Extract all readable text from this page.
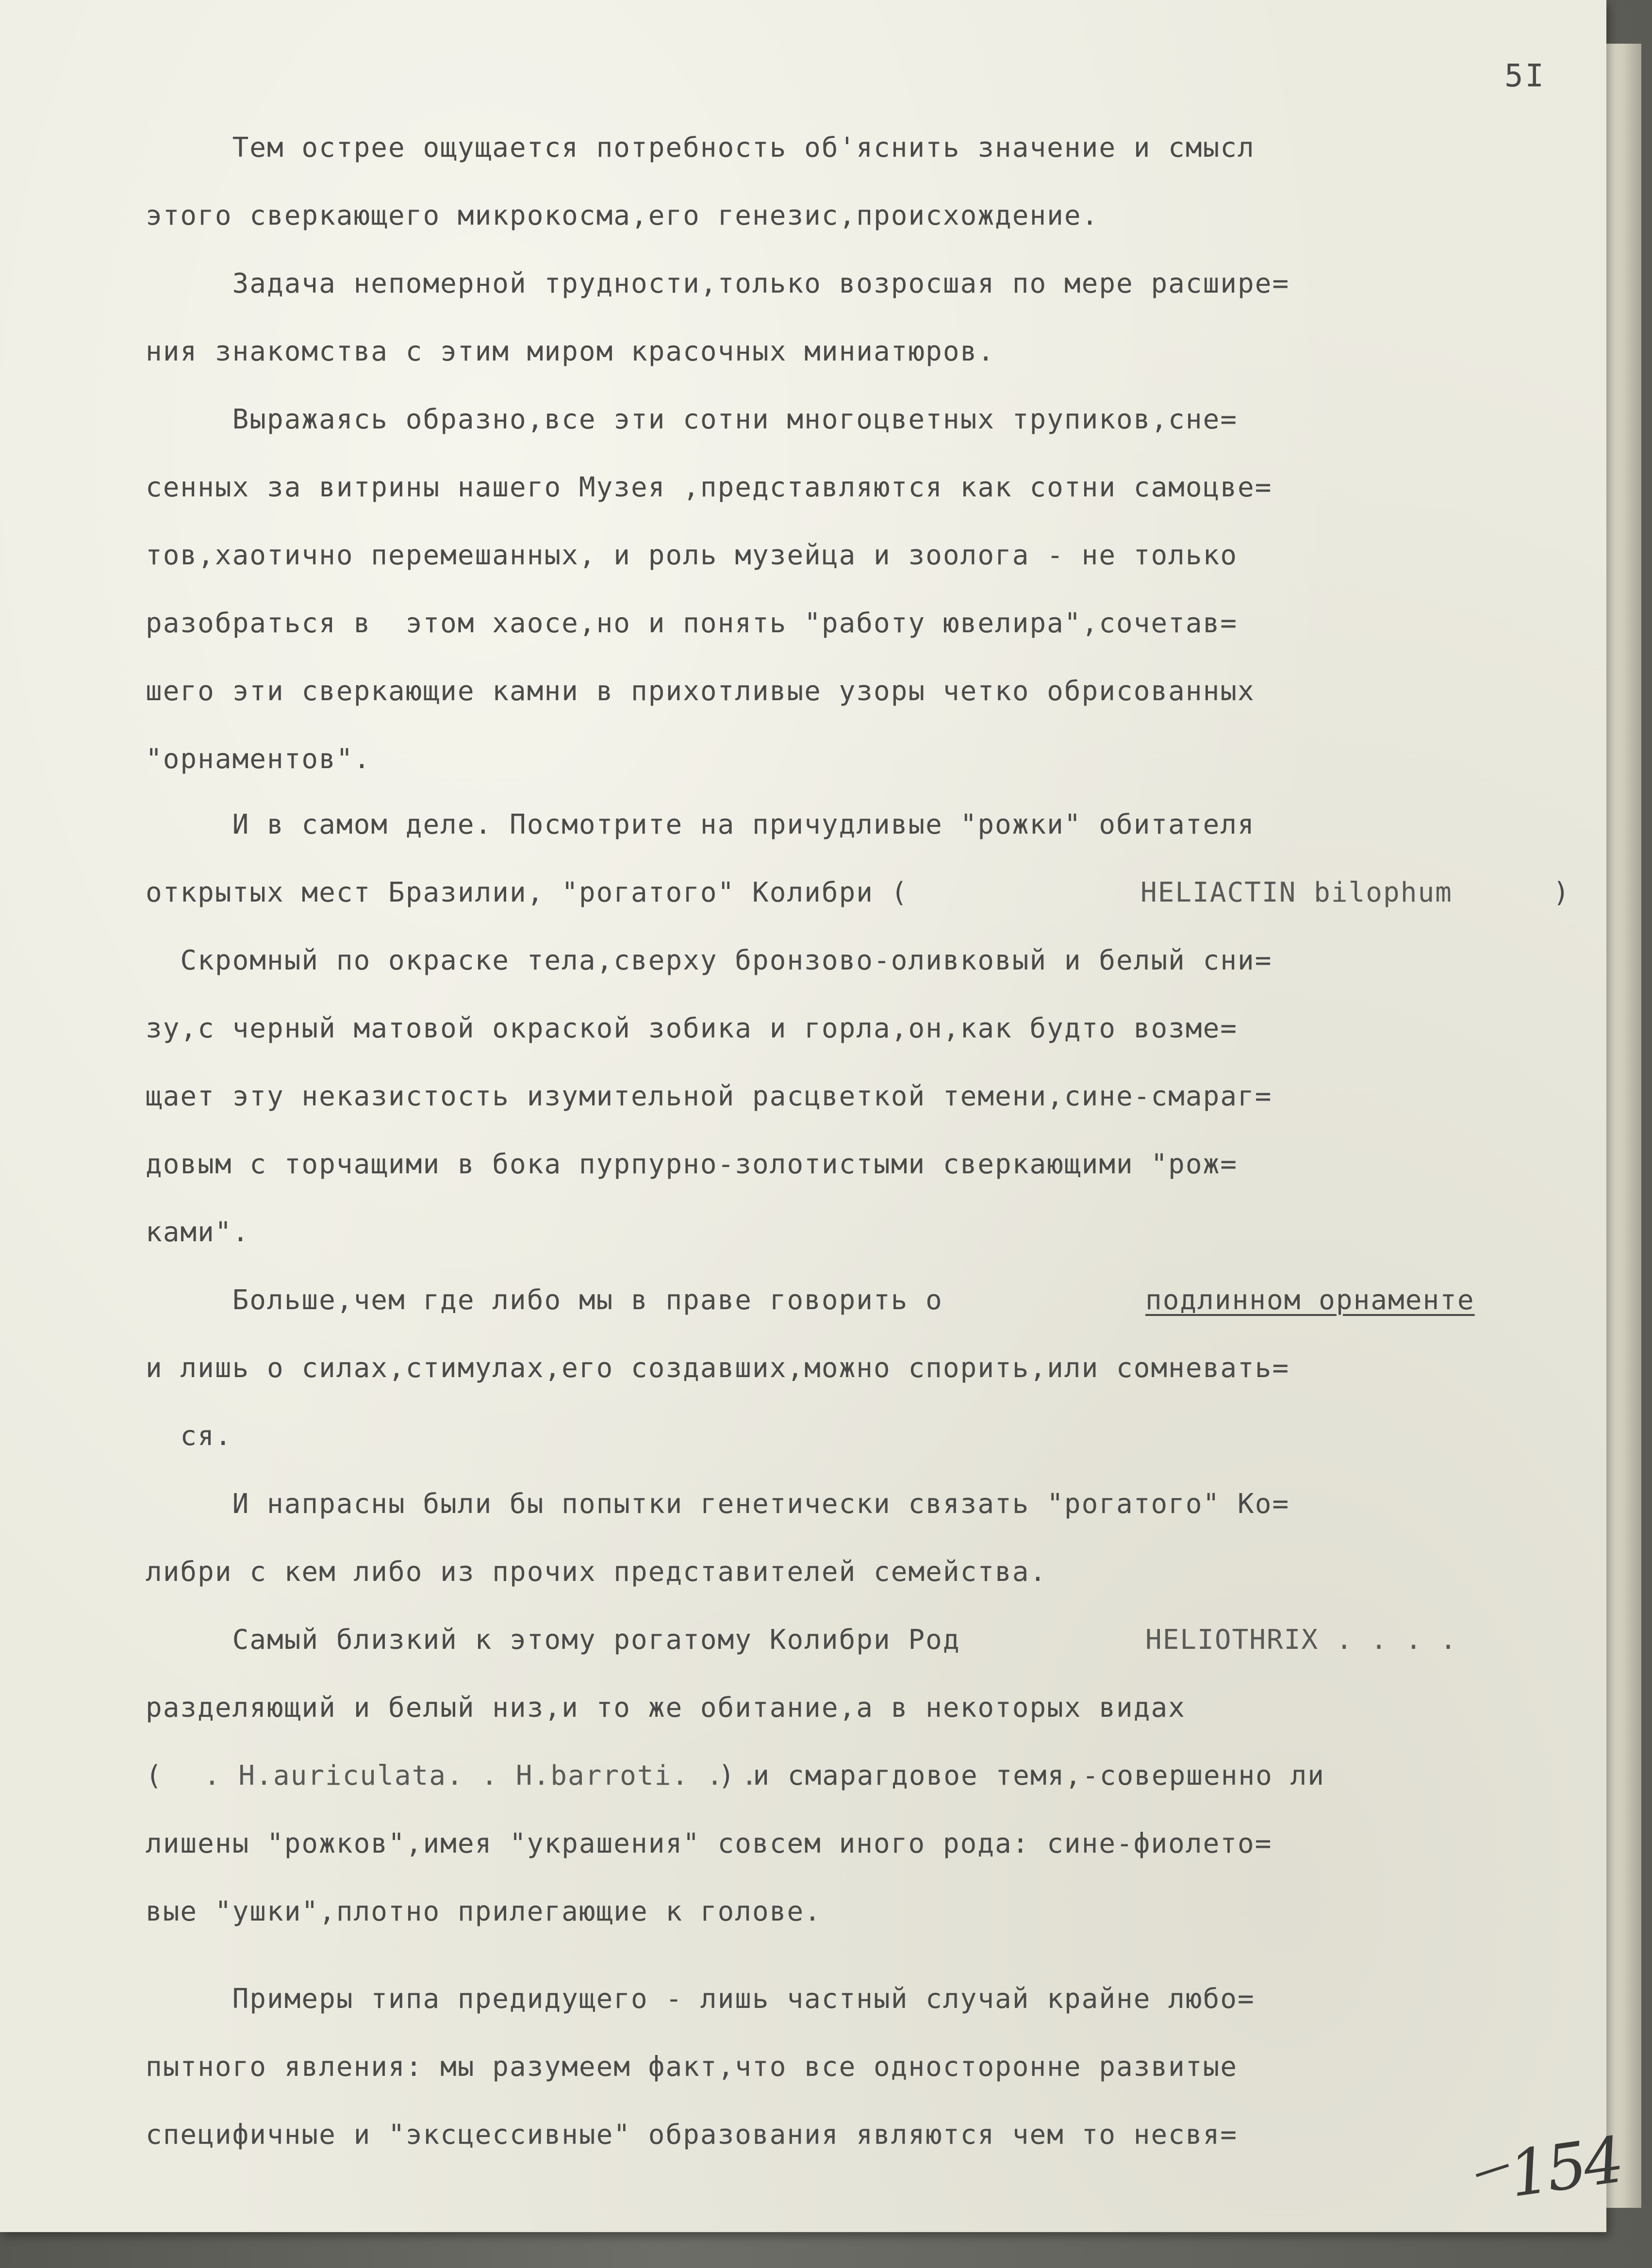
5I
HELIACTIN bilophum	)
подлинном орнаменте
HELIOTHRIX . . . .
. H.auriculata. . H.barroti. . .
) и смарагдовое темя,-совершенно ли
Тем острее ощущается потребность об'яснить значение и смысл
этого сверкающего микрокосма,его генезис,происхождение.
Задача непомерной трудности,только возросшая по мере расшире=
ния знакомства с этим миром красочных миниатюров.
Выражаясь образно,все эти сотни многоцветных трупиков,сне=
сенных за витрины нашего Музея ,представляются как сотни самоцве=
тов,хаотично перемешанных, и роль музейца и зоолога - не только
разобраться в  этом хаосе,но и понять "работу ювелира",сочетав=
шего эти сверкающие камни в прихотливые узоры четко обрисованных
"орнаментов".
И в самом деле. Посмотрите на причудливые "рожки" обитателя
открытых мест Бразилии, "рогатого" Колибри (
Скромный по окраске тела,сверху бронзово-оливковый и белый сни=
зу,с черный матовой окраской зобика и горла,он,как будто возме=
щает эту неказистость изумительной расцветкой темени,сине-смараг=
довым с торчащими в бока пурпурно-золотистыми сверкающими "рож=
ками".
Больше,чем где либо мы в праве говорить о
и лишь о силах,стимулах,его создавших,можно спорить,или сомневать=
ся.
И напрасны были бы попытки генетически связать "рогатого" Ко=
либри с кем либо из прочих представителей семейства.
Самый близкий к этому рогатому Колибри Род
разделяющий и белый низ,и то же обитание,а в некоторых видах
(
лишены "рожков",имея "украшения" совсем иного рода: сине-фиолето=
вые "ушки",плотно прилегающие к голове.
Примеры типа предидущего - лишь частный случай крайне любо=
пытного явления: мы разумеем факт,что все односторонне развитые
специфичные и "эксцессивные" образования являются чем то несвя=	154
